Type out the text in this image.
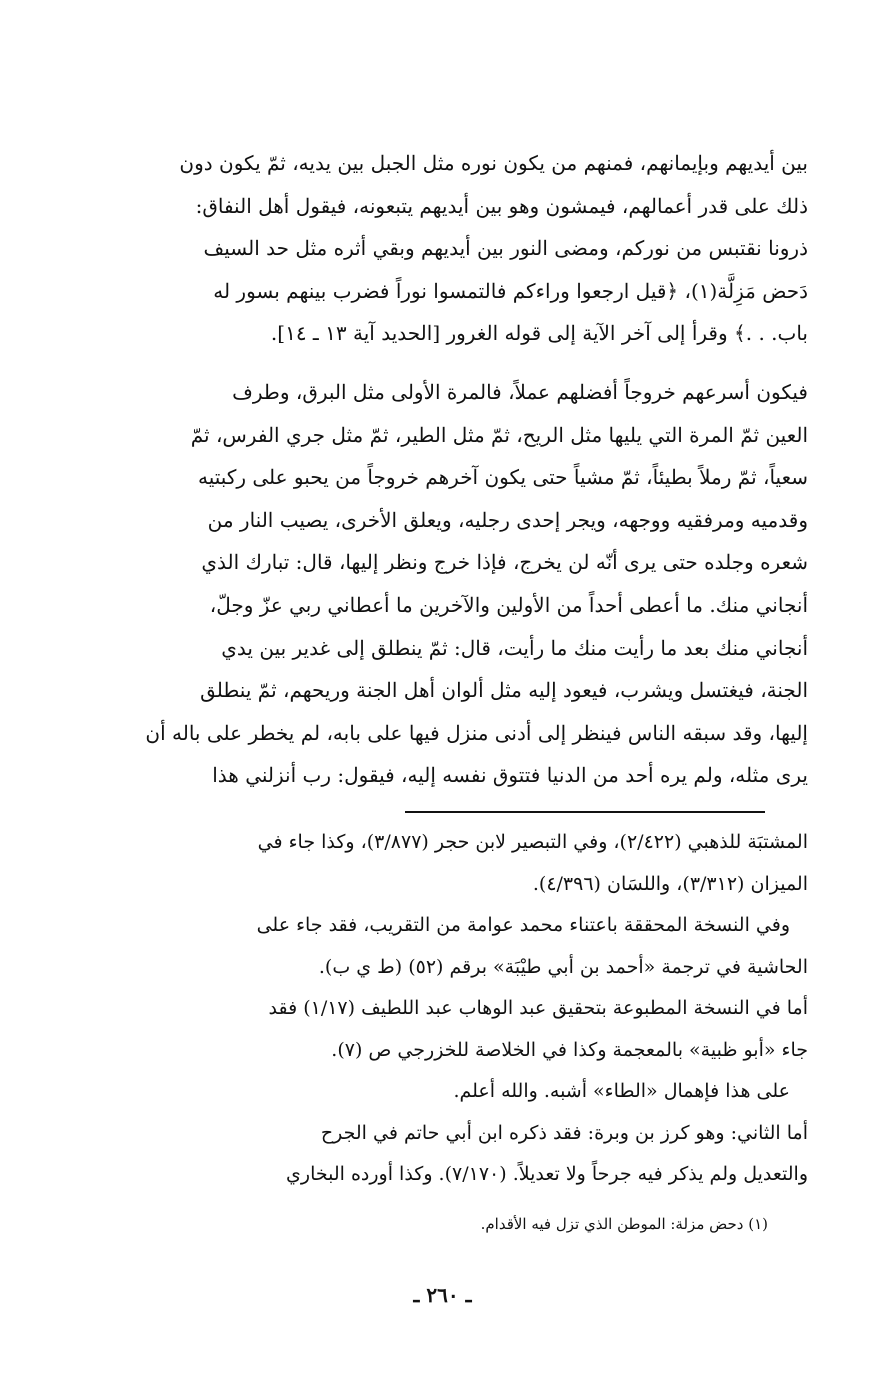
بين أيديهم وبإيمانهم، فمنهم من يكون نوره مثل الجبل بين يديه، ثمّ يكون دون
ذلك على قدر أعمالهم، فيمشون وهو بين أيديهم يتبعونه، فيقول أهل النفاق:
ذرونا نقتبس من نوركم، ومضى النور بين أيديهم وبقي أثره مثل حد السيف
دَحض مَزِلَّة(١)، ﴿قيل ارجعوا وراءكم فالتمسوا نوراً فضرب بينهم بسور له
باب. . .﴾ وقرأ إلى آخر الآية إلى قوله الغرور [الحديد آية ١٣ ـ ١٤].
فيكون أسرعهم خروجاً أفضلهم عملاً، فالمرة الأولى مثل البرق، وطرف
العين ثمّ المرة التي يليها مثل الريح، ثمّ مثل الطير، ثمّ مثل جري الفرس، ثمّ
سعياً، ثمّ رملاً بطيئاً، ثمّ مشياً حتى يكون آخرهم خروجاً من يحبو على ركبتيه
وقدميه ومرفقيه ووجهه، ويجر إحدى رجليه، ويعلق الأخرى، يصيب النار من
شعره وجلده حتى يرى أنّه لن يخرج، فإذا خرج ونظر إليها، قال: تبارك الذي
أنجاني منك. ما أعطى أحداً من الأولين والآخرين ما أعطاني ربي عزّ وجلّ،
أنجاني منك بعد ما رأيت منك ما رأيت، قال: ثمّ ينطلق إلى غدير بين يدي
الجنة، فيغتسل ويشرب، فيعود إليه مثل ألوان أهل الجنة وريحهم، ثمّ ينطلق
إليها، وقد سبقه الناس فينظر إلى أدنى منزل فيها على بابه، لم يخطر على باله أن
يرى مثله، ولم يره أحد من الدنيا فتتوق نفسه إليه، فيقول: رب أنزلني هذا
المشتبَة للذهبي (٢/٤٢٢)، وفي التبصير لابن حجر (٣/٨٧٧)، وكذا جاء في
الميزان (٣/٣١٢)، واللسَان (٤/٣٩٦).
وفي النسخة المحققة باعتناء محمد عوامة من التقريب، فقد جاء على
الحاشية في ترجمة «أحمد بن أبي طيْبَة» برقم (٥٢) (ط ي ب).
أما في النسخة المطبوعة بتحقيق عبد الوهاب عبد اللطيف (١/١٧) فقد
جاء «أبو ظبية» بالمعجمة وكذا في الخلاصة للخزرجي ص (٧).
على هذا فإهمال «الطاء» أشبه. والله أعلم.
أما الثاني: وهو كرز بن وبرة: فقد ذكره ابن أبي حاتم في الجرح
والتعديل ولم يذكر فيه جرحاً ولا تعديلاً. (٧/١٧٠). وكذا أورده البخاري
(١) دحض مزلة: الموطن الذي تزل فيه الأقدام.
ـ ٢٦٠ ـ
